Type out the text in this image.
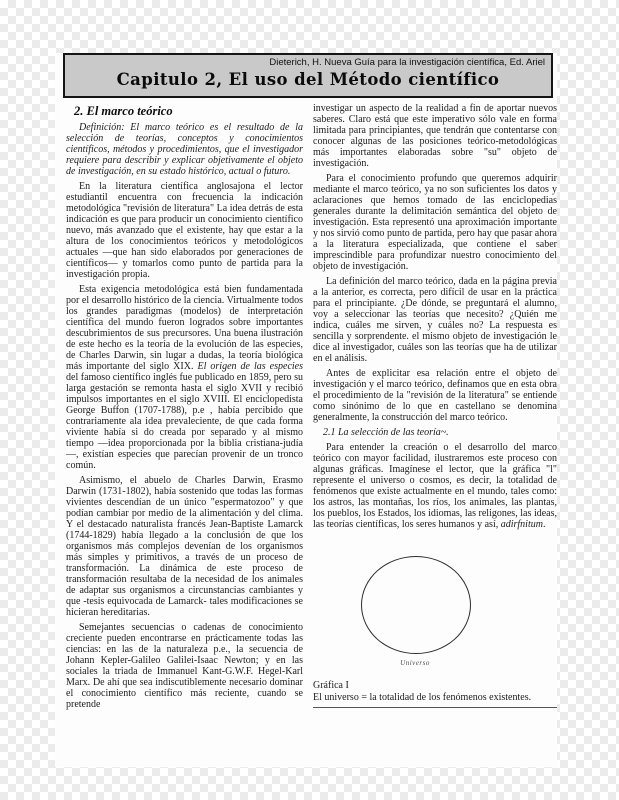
Dieterich, H. Nueva Guía para la investigación científica, Ed. Ariel
Capitulo 2, El uso del Método científico

2. El marco teórico

Definición: El marco teórico es el resultado de la selección de teorías, conceptos y conocimientos científicos, métodos y procedimientos, que el investigador requiere para describir y explicar objetivamente el objeto de investigación, en su estado histórico, actual o futuro.

En la literatura científica anglosajona el lector estudiantil encuentra con frecuencia la indicación metodológica "revisión de literatura" La idea detrás de esta indicación es que para producir un conocimiento científico nuevo, más avanzado que el existente, hay que estar a la altura de los conocimientos teóricos y metodológicos actuales —que han sido elaborados por generaciones de científicos— y tomarlos como punto de partida para la investigación propia.

Esta exigencia metodológica está bien fundamentada por el desarrollo histórico de la ciencia. Virtualmente todos los grandes paradigmas (modelos) de interpretación científica del mundo fueron logrados sobre importantes descubrimientos de sus precursores. Una buena ilustración de este hecho es la teoría de la evolución de las especies, de Charles Darwin, sin lugar a dudas, la teoría biológica más importante del siglo XIX. El origen de las especies del famoso científico inglés fue publicado en 1859, pero su larga gestación se remonta hasta el siglo XVII y recibió impulsos importantes en el siglo XVIII. El enciclopedista George Buffon (1707-1788), p.e , había percibido que contrariamente ala idea prevaleciente, de que cada forma viviente había si do creada por separado y al mismo tiempo —idea proporcionada por la biblia cristiana-judía—, existían especies que parecían provenir de un tronco común.

Asimismo, el abuelo de Charles Darwin, Erasmo Darwin (1731-1802), había sostenido que todas las formas vivientes descendían de un único "espermatozoo" y que podían cambiar por medio de la alimentación y del clima. Y el destacado naturalista francés Jean-Baptiste Lamarck (1744-1829) había llegado a la conclusión de que los organismos más complejos devenían de los organismos más simples y primitivos, a través de un proceso de transformación. La dinámica de este proceso de transformación resultaba de la necesidad de los animales de adaptar sus organismos a circunstancias cambiantes y que -tesis equivocada de Lamarck- tales modificaciones se hicieran hereditarias.

Semejantes secuencias o cadenas de conocimiento creciente pueden encontrarse en prácticamente todas las ciencias: en las de la naturaleza p.e., la secuencia de Johann Kepler-Galileo Galilei-Isaac Newton; y en las sociales la triada de Immanuel Kant-G.W.F. Hegel-Karl Marx. De ahí que sea indiscutiblemente necesario dominar el conocimiento científico más reciente, cuando se pretende

investigar un aspecto de la realidad a fin de aportar nuevos saberes. Claro está que este imperativo sólo vale en forma limitada para principiantes, que tendrán que contentarse con conocer algunas de las posiciones teórico-metodológicas más importantes elaboradas sobre "su" objeto de investigación.

Para el conocimiento profundo que queremos adquirir mediante el marco teórico, ya no son suficientes los datos y aclaraciones que hemos tomado de las enciclopedias generales durante la delimitación semántica del objeto de investigación. Esta representó una aproximación importante y nos sirvió como punto de partida, pero hay que pasar ahora a la literatura especializada, que contiene el saber imprescindible para profundizar nuestro conocimiento del objeto de investigación.

La definición del marco teórico, dada en la página previa a la anterior, es correcta, pero difícil de usar en la práctica para el principiante. ¿De dónde, se preguntará el alumno, voy a seleccionar las teorías que necesito? ¿Quién me indica, cuáles me sirven, y cuáles no? La respuesta es sencilla y sorprendente. el mismo objeto de investigación le dice al investigador, cuáles son las teorías que ha de utilizar en el análisis.

Antes de explicitar esa relación entre el objeto de investigación y el marco teórico, definamos que en esta obra el procedimiento de la "revisión de la literatura" se entiende como sinónimo de lo que en castellano se denomina generalmente, la construcción del marco teórico.

2.1 La selección de las teoría~.

Para entender la creación o el desarrollo del marco teórico con mayor facilidad, ilustraremos este proceso con algunas gráficas. Imagínese el lector, que la gráfica "l" represente el universo o cosmos, es decir, la totalidad de fenómenos que existe actualmente en el mundo, tales como: los astros, las montañas, los ríos, los animales, las plantas, los pueblos, los Estados, los idiomas, las religones, las ideas, las teorías científicas, los seres humanos y así, adirfnitum.

Universo
Gráfica I
El universo = la totalidad de los fenómenos existentes.
